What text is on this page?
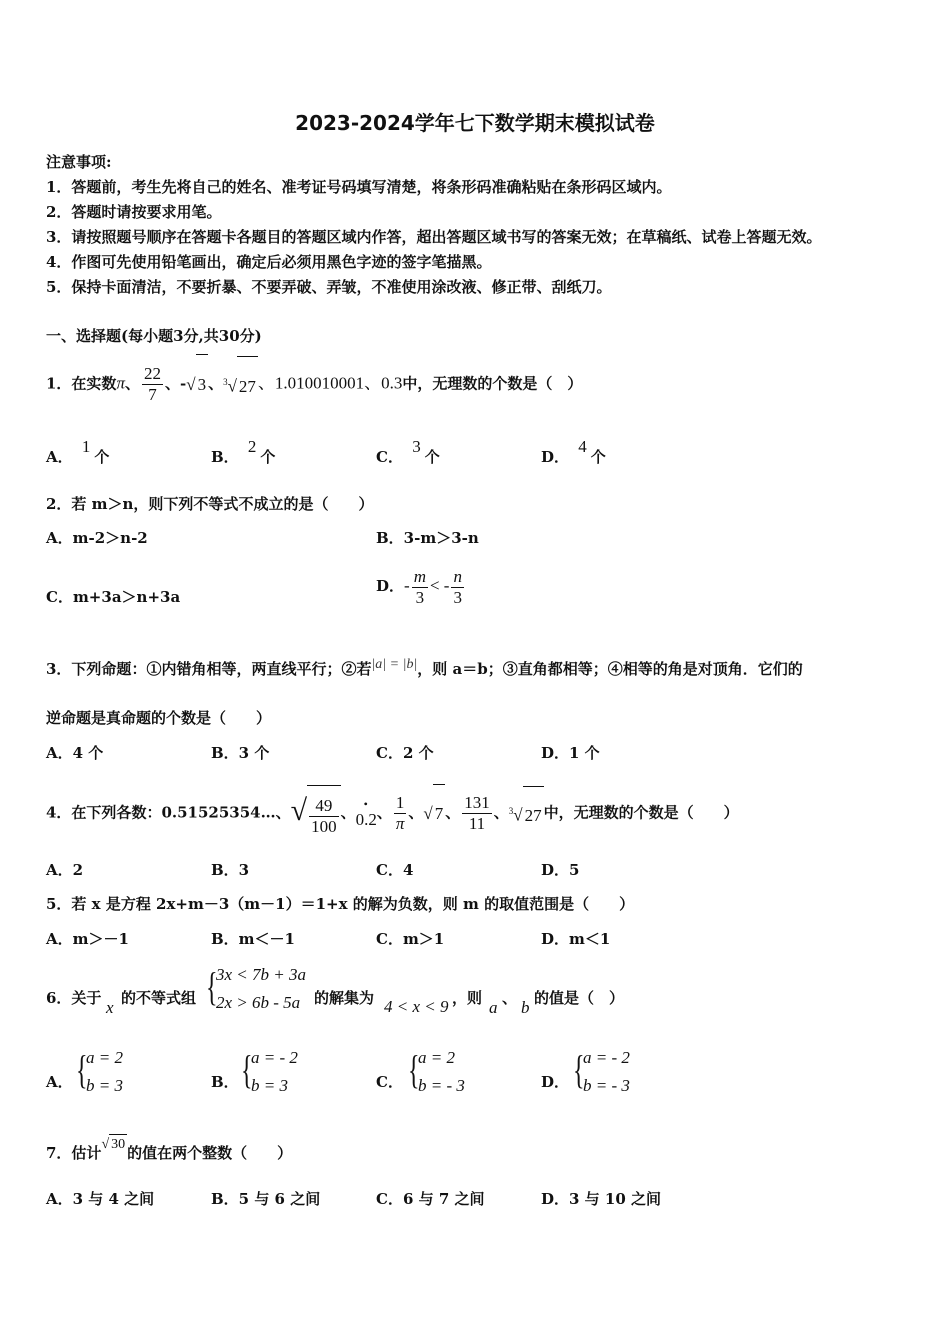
2023-2024学年七下数学期末模拟试卷
注意事项:
1．答题前，考生先将自己的姓名、准考证号码填写清楚，将条形码准确粘贴在条形码区域内。
2．答题时请按要求用笔。
3．请按照题号顺序在答题卡各题目的答题区域内作答，超出答题区域书写的答案无效；在草稿纸、试卷上答题无效。
4．作图可先使用铅笔画出，确定后必须用黑色字迹的签字笔描黑。
5．保持卡面清洁，不要折暴、不要弄破、弄皱，不准使用涂改液、修正带、刮纸刀。
一、选择题(每小题3分,共30分)
1．在实数π、 $\frac{22}{7}$ 、-√ 3 、$^3$√ 27 、1.010010001、0.3中，无理数的个数是（　）
A． 1个	B． 2个	C． 3个	D． 4个
2．若 m＞n，则下列不等式不成立的是（　　）
A．m-2＞n-2	B．3-m＞3-n
C．m+3a＞n+3a
D．- $\frac{m}{3}$ < - $\frac{n}{3}$
3．下列命题：①内错角相等，两直线平行；②若|a| = |b|，则 a＝b；③直角都相等；④相等的角是对顶角．它们的
逆命题是真命题的个数是（　　）
A．4 个	B．3 个	C．2 个	D．1 个
4．在下列各数：0.51525354…、√ $\frac{49}{100}$ 、• 0.2、 $\frac{1}{\pi}$ 、√ 7 、 $\frac{131}{11}$ 、$^3$√ 27 中，无理数的个数是（　　）
A．2	B．3	C．4	D．5
5．若 x 是方程 2x+m－3（m－1）＝1+x 的解为负数，则 m 的取值范围是（　　）
A．m＞－1	B．m＜－1	C．m＞1	D．m＜1
6．关于 x 的不等式组 {
3x < 7b + 3a
2x > 6b - 5a 的解集为 4 < x < 9 ，则 a 、 b 的值是（　）
A． {
a = 2
b = 3	B． {
a = - 2
b = 3	C． {
a = 2
b = - 3	D． {
a = - 2
b = - 3
7．估计√ 30 的值在两个整数（　　）
A．3 与 4 之间	B．5 与 6 之间	C．6 与 7 之间	D．3 与 10 之间
